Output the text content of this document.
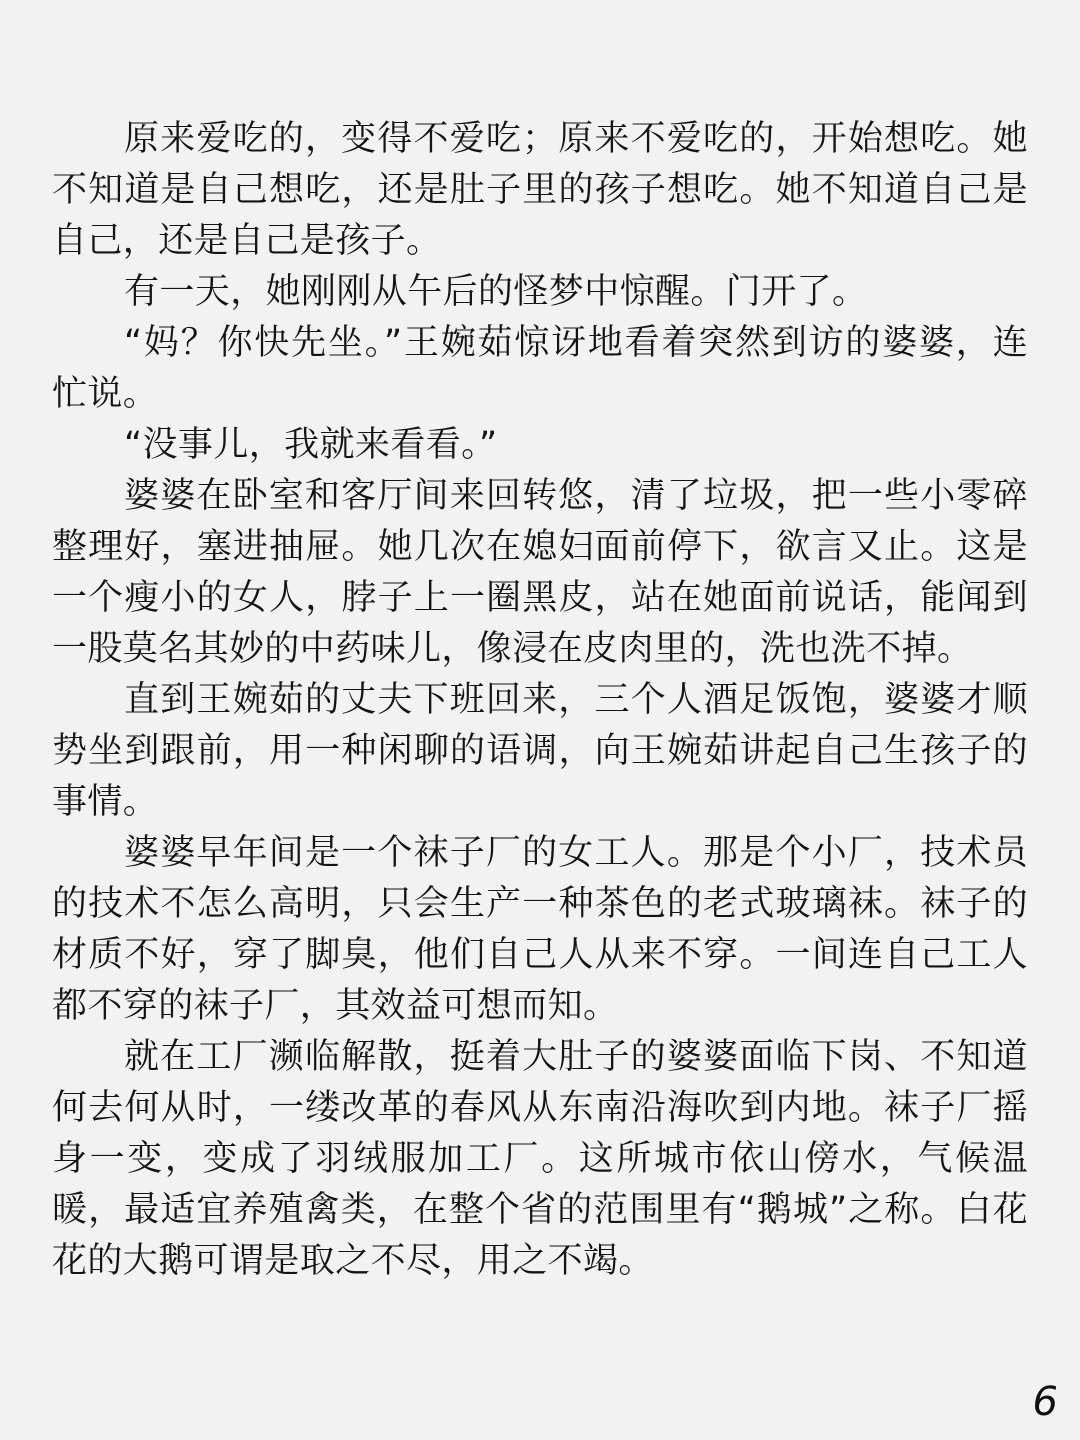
原来爱吃的，变得不爱吃；原来不爱吃的，开始想吃。她不知道是自己想吃，还是肚子里的孩子想吃。她不知道自己是自己，还是自己是孩子。

有一天，她刚刚从午后的怪梦中惊醒。门开了。

“妈？你快先坐。”王婉茹惊讶地看着突然到访的婆婆，连忙说。

“没事儿，我就来看看。”

婆婆在卧室和客厅间来回转悠，清了垃圾，把一些小零碎整理好，塞进抽屉。她几次在媳妇面前停下，欲言又止。这是一个瘦小的女人，脖子上一圈黑皮，站在她面前说话，能闻到一股莫名其妙的中药味儿，像浸在皮肉里的，洗也洗不掉。

直到王婉茹的丈夫下班回来，三个人酒足饭饱，婆婆才顺势坐到跟前，用一种闲聊的语调，向王婉茹讲起自己生孩子的事情。

婆婆早年间是一个袜子厂的女工人。那是个小厂，技术员的技术不怎么高明，只会生产一种茶色的老式玻璃袜。袜子的材质不好，穿了脚臭，他们自己人从来不穿。一间连自己工人都不穿的袜子厂，其效益可想而知。

就在工厂濒临解散，挺着大肚子的婆婆面临下岗、不知道何去何从时，一缕改革的春风从东南沿海吹到内地。袜子厂摇身一变，变成了羽绒服加工厂。这所城市依山傍水，气候温暖，最适宜养殖禽类，在整个省的范围里有“鹅城”之称。白花花的大鹅可谓是取之不尽，用之不竭。

6
